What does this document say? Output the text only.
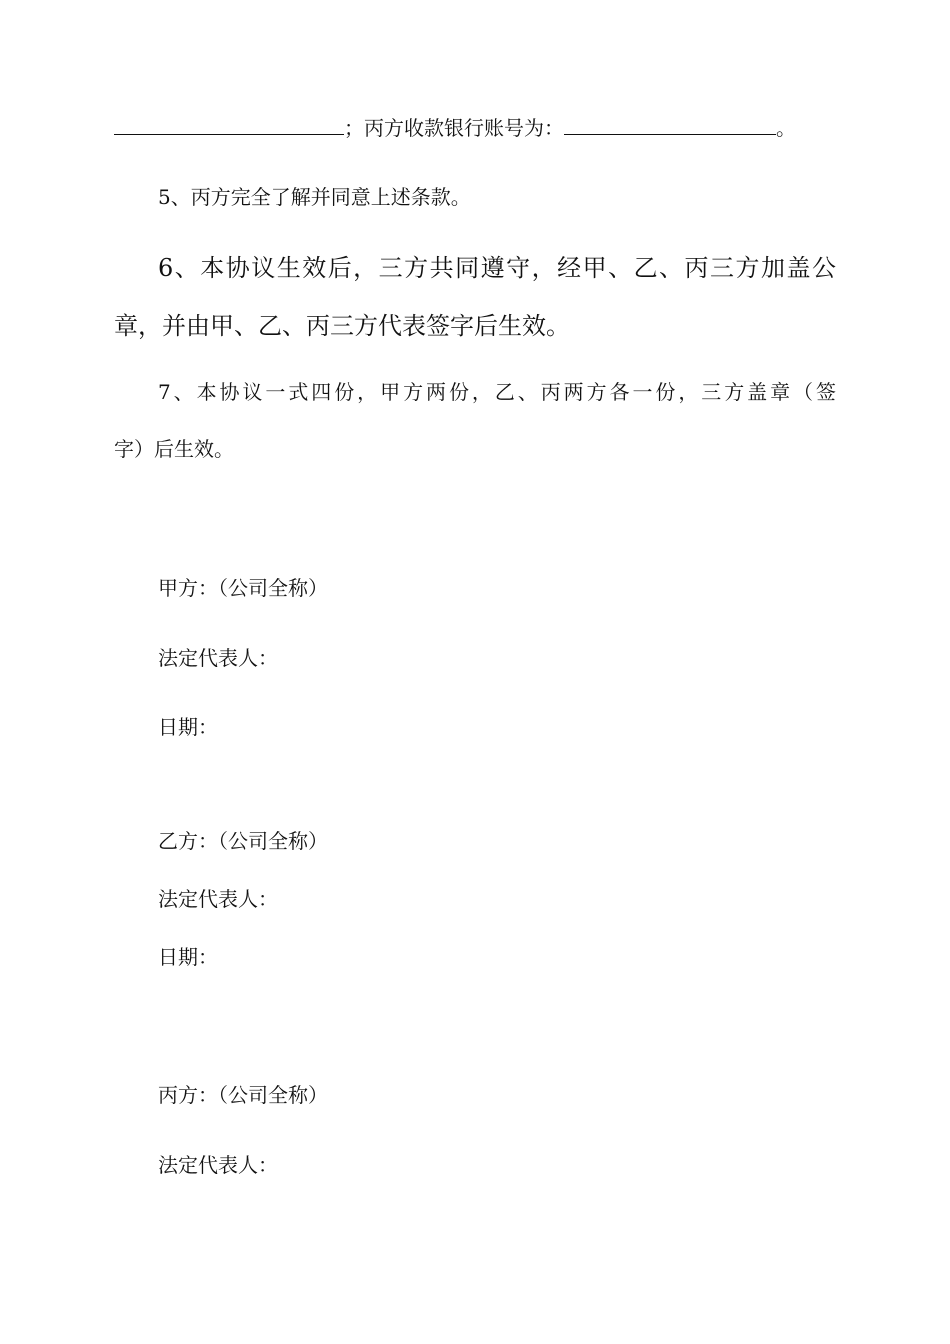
；丙方收款银行账号为：	。
5、丙方完全了解并同意上述条款。
6、本协议生效后，三方共同遵守，经甲、乙、丙三方加盖公
章，并由甲、乙、丙三方代表签字后生效。
7、本协议一式四份，甲方两份，乙、丙两方各一份，三方盖章（签
字）后生效。
甲方：（公司全称）
法定代表人：
日期：
乙方：（公司全称）
法定代表人：
日期：
丙方：（公司全称）
法定代表人：
